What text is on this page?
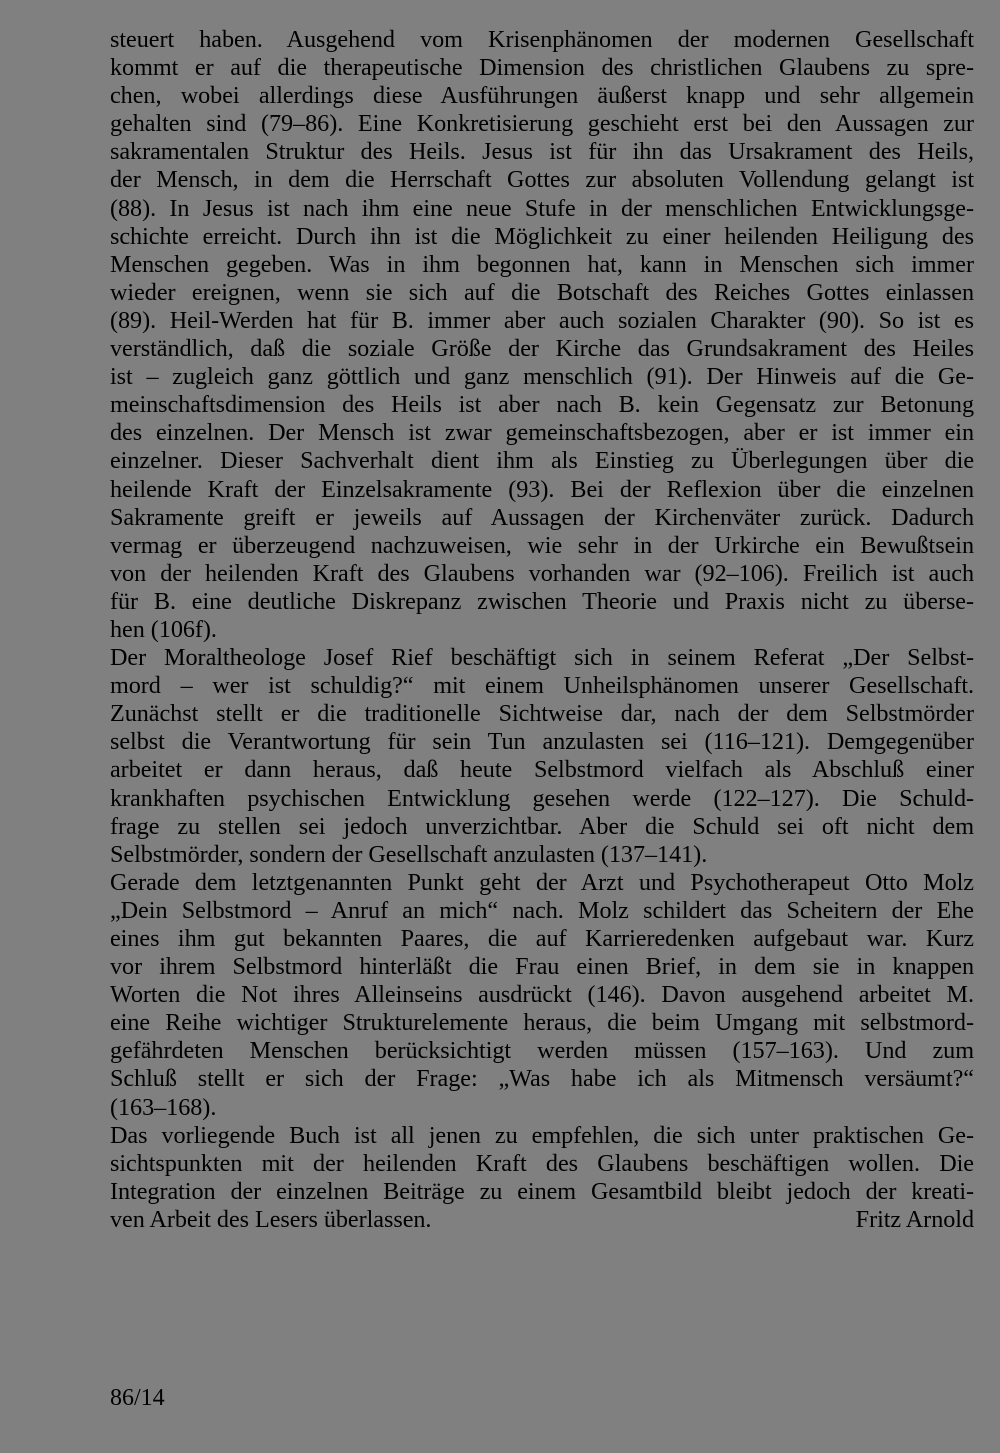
steuert haben. Ausgehend vom Krisenphänomen der modernen Gesellschaft
kommt er auf die therapeutische Dimension des christlichen Glaubens zu spre-
chen, wobei allerdings diese Ausführungen äußerst knapp und sehr allgemein
gehalten sind (79–86). Eine Konkretisierung geschieht erst bei den Aussagen zur
sakramentalen Struktur des Heils. Jesus ist für ihn das Ursakrament des Heils,
der Mensch, in dem die Herrschaft Gottes zur absoluten Vollendung gelangt ist
(88). In Jesus ist nach ihm eine neue Stufe in der menschlichen Entwicklungsge-
schichte erreicht. Durch ihn ist die Möglichkeit zu einer heilenden Heiligung des
Menschen gegeben. Was in ihm begonnen hat, kann in Menschen sich immer
wieder ereignen, wenn sie sich auf die Botschaft des Reiches Gottes einlassen
(89). Heil-Werden hat für B. immer aber auch sozialen Charakter (90). So ist es
verständlich, daß die soziale Größe der Kirche das Grundsakrament des Heiles
ist – zugleich ganz göttlich und ganz menschlich (91). Der Hinweis auf die Ge-
meinschaftsdimension des Heils ist aber nach B. kein Gegensatz zur Betonung
des einzelnen. Der Mensch ist zwar gemeinschaftsbezogen, aber er ist immer ein
einzelner. Dieser Sachverhalt dient ihm als Einstieg zu Überlegungen über die
heilende Kraft der Einzelsakramente (93). Bei der Reflexion über die einzelnen
Sakramente greift er jeweils auf Aussagen der Kirchenväter zurück. Dadurch
vermag er überzeugend nachzuweisen, wie sehr in der Urkirche ein Bewußtsein
von der heilenden Kraft des Glaubens vorhanden war (92–106). Freilich ist auch
für B. eine deutliche Diskrepanz zwischen Theorie und Praxis nicht zu überse-
hen (106f).

Der Moraltheologe Josef Rief beschäftigt sich in seinem Referat „Der Selbst-
mord – wer ist schuldig?“ mit einem Unheilsphänomen unserer Gesellschaft.
Zunächst stellt er die traditionelle Sichtweise dar, nach der dem Selbstmörder
selbst die Verantwortung für sein Tun anzulasten sei (116–121). Demgegenüber
arbeitet er dann heraus, daß heute Selbstmord vielfach als Abschluß einer
krankhaften psychischen Entwicklung gesehen werde (122–127). Die Schuld-
frage zu stellen sei jedoch unverzichtbar. Aber die Schuld sei oft nicht dem
Selbstmörder, sondern der Gesellschaft anzulasten (137–141).

Gerade dem letztgenannten Punkt geht der Arzt und Psychotherapeut Otto Molz
„Dein Selbstmord – Anruf an mich“ nach. Molz schildert das Scheitern der Ehe
eines ihm gut bekannten Paares, die auf Karrieredenken aufgebaut war. Kurz
vor ihrem Selbstmord hinterläßt die Frau einen Brief, in dem sie in knappen
Worten die Not ihres Alleinseins ausdrückt (146). Davon ausgehend arbeitet M.
eine Reihe wichtiger Strukturelemente heraus, die beim Umgang mit selbstmord-
gefährdeten Menschen berücksichtigt werden müssen (157–163). Und zum
Schluß stellt er sich der Frage: „Was habe ich als Mitmensch versäumt?“
(163–168).

Das vorliegende Buch ist all jenen zu empfehlen, die sich unter praktischen Ge-
sichtspunkten mit der heilenden Kraft des Glaubens beschäftigen wollen. Die
Integration der einzelnen Beiträge zu einem Gesamtbild bleibt jedoch der kreati-
ven Arbeit des Lesers überlassen.	Fritz Arnold

86/14
